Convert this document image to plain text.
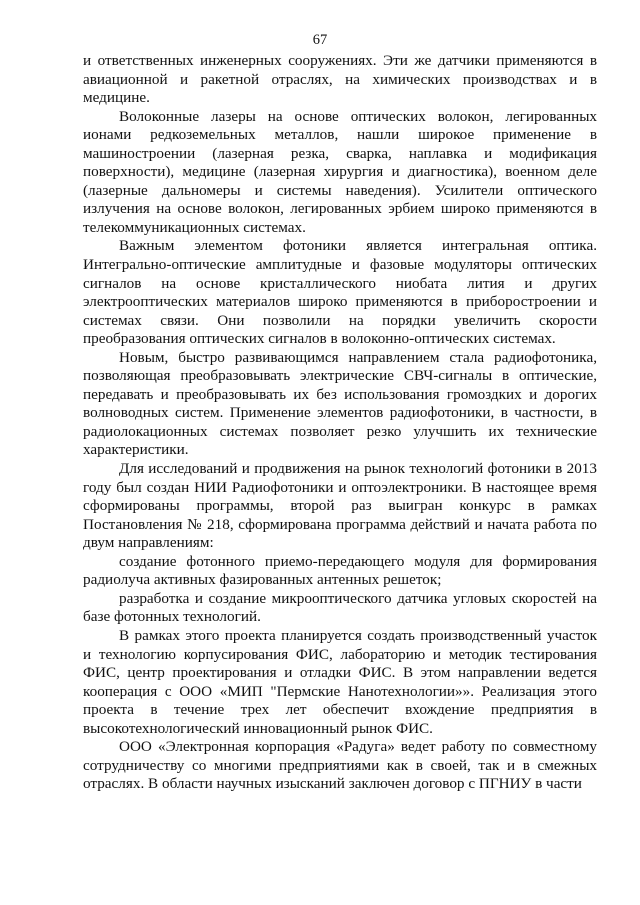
67

и ответственных инженерных сооружениях. Эти же датчики применяются в авиационной и ракетной отраслях, на химических производствах и в медицине.

Волоконные лазеры на основе оптических волокон, легированных ионами редкоземельных металлов, нашли широкое применение в машиностроении (лазерная резка, сварка, наплавка и модификация поверхности), медицине (лазерная хирургия и диагностика), военном деле (лазерные дальномеры и системы наведения). Усилители оптического излучения на основе волокон, легированных эрбием широко применяются в телекоммуникационных системах.

Важным элементом фотоники является интегральная оптика. Интегрально-оптические амплитудные и фазовые модуляторы оптических сигналов на основе кристаллического ниобата лития и других электрооптических материалов широко применяются в приборостроении и системах связи. Они позволили на порядки увеличить скорости преобразования оптических сигналов в волоконно-оптических системах.

Новым, быстро развивающимся направлением стала радиофотоника, позволяющая преобразовывать электрические СВЧ-сигналы в оптические, передавать и преобразовывать их без использования громоздких и дорогих волноводных систем. Применение элементов радиофотоники, в частности, в радиолокационных системах позволяет резко улучшить их технические характеристики.

Для исследований и продвижения на рынок технологий фотоники в 2013 году был создан НИИ Радиофотоники и оптоэлектроники. В настоящее время сформированы программы, второй раз выигран конкурс в рамках Постановления № 218, сформирована программа действий и начата работа по двум направлениям:

создание фотонного приемо-передающего модуля для формирования радиолуча активных фазированных антенных решеток;

разработка и создание микрооптического датчика угловых скоростей на базе фотонных технологий.

В рамках этого проекта планируется создать производственный участок и технологию корпусирования ФИС, лабораторию и методик тестирования ФИС, центр проектирования и отладки ФИС. В этом направлении ведется кооперация с ООО «МИП "Пермские Нанотехнологии»». Реализация этого проекта в течение трех лет обеспечит вхождение предприятия в высокотехнологический инновационный рынок ФИС.

ООО «Электронная корпорация «Радуга» ведет работу по совместному сотрудничеству со многими предприятиями как в своей, так и в смежных отраслях. В области научных изысканий заключен договор с ПГНИУ в части
